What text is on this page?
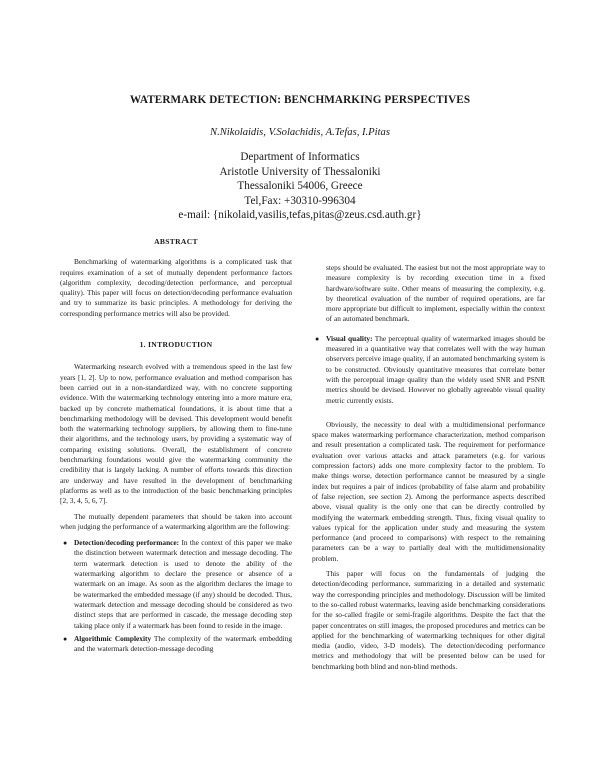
WATERMARK DETECTION: BENCHMARKING PERSPECTIVES
N.Nikolaidis, V.Solachidis, A.Tefas, I.Pitas
Department of Informatics
Aristotle University of Thessaloniki
Thessaloniki 54006, Greece
Tel,Fax: +30310-996304
e-mail: {nikolaid,vasilis,tefas,pitas@zeus.csd.auth.gr}
ABSTRACT

Benchmarking of watermarking algorithms is a complicated task that requires examination of a set of mutually dependent performance factors (algorithm complexity, decoding/detection performance, and perceptual quality). This paper will focus on detection/decoding performance evaluation and try to summarize its basic principles. A methodology for deriving the corresponding performance metrics will also be provided.

1. INTRODUCTION

Watermarking research evolved with a tremendous speed in the last few years [1, 2]. Up to now, performance evaluation and method comparison has been carried out in a non-standardized way, with no concrete supporting evidence. With the watermarking technology entering into a more mature era, backed up by concrete mathematical foundations, it is about time that a benchmarking methodology will be devised. This development would benefit both the watermarking technology suppliers, by allowing them to fine-tune their algorithms, and the technology users, by providing a systematic way of comparing existing solutions. Overall, the establishment of concrete benchmarking foundations would give the watermarking community the credibility that is largely lacking. A number of efforts towards this direction are underway and have resulted in the development of benchmarking platforms as well as to the introduction of the basic benchmarking principles [2, 3, 4, 5, 6, 7].

The mutually dependent parameters that should be taken into account when judging the performance of a watermarking algorithm are the following:

● Detection/decoding performance: In the context of this paper we make the distinction between watermark detection and message decoding. The term watermark detection is used to denote the ability of the watermarking algorithm to declare the presence or absence of a watermark on an image. As soon as the algorithm declares the image to be watermarked the embedded message (if any) should be decoded. Thus, watermark detection and message decoding should be considered as two distinct steps that are performed in cascade, the message decoding step taking place only if a watermark has been found to reside in the image.
● Algorithmic Complexity The complexity of the watermark embedding and the watermark detection-message decoding

steps should be evaluated. The easiest but not the most appropriate way to measure complexity is by recording execution time in a fixed hardware/software suite. Other means of measuring the complexity, e.g. by theoretical evaluation of the number of required operations, are far more appropriate but difficult to implement, especially within the context of an automated benchmark.

● Visual quality: The perceptual quality of watermarked images should be measured in a quantitative way that correlates well with the way human observers perceive image quality, if an automated benchmarking system is to be constructed. Obviously quantitative measures that correlate better with the perceptual image quality than the widely used SNR and PSNR metrics should be devised. However no globally agreeable visual quality metric currently exists.

Obviously, the necessity to deal with a multidimensional performance space makes watermarking performance characterization, method comparison and result presentation a complicated task. The requirement for performance evaluation over various attacks and attack parameters (e.g. for various compression factors) adds one more complexity factor to the problem. To make things worse, detection performance cannot be measured by a single index but requires a pair of indices (probability of false alarm and probability of false rejection, see section 2). Among the performance aspects described above, visual quality is the only one that can be directly controlled by modifying the watermark embedding strength. Thus, fixing visual quality to values typical for the application under study and measuring the system performance (and proceed to comparisons) with respect to the remaining parameters can be a way to partially deal with the multidimensionality problem.

This paper will focus on the fundamentals of judging the detection/decoding performance, summarizing in a detailed and systematic way the corresponding principles and methodology. Discussion will be limited to the so-called robust watermarks, leaving aside benchmarking considerations for the so-called fragile or semi-fragile algorithms. Despite the fact that the paper concentrates on still images, the proposed procedures and metrics can be applied for the benchmarking of watermarking techniques for other digital media (audio, video, 3-D models). The detection/decoding performance metrics and methodology that will be presented below can be used for benchmarking both blind and non-blind methods.
